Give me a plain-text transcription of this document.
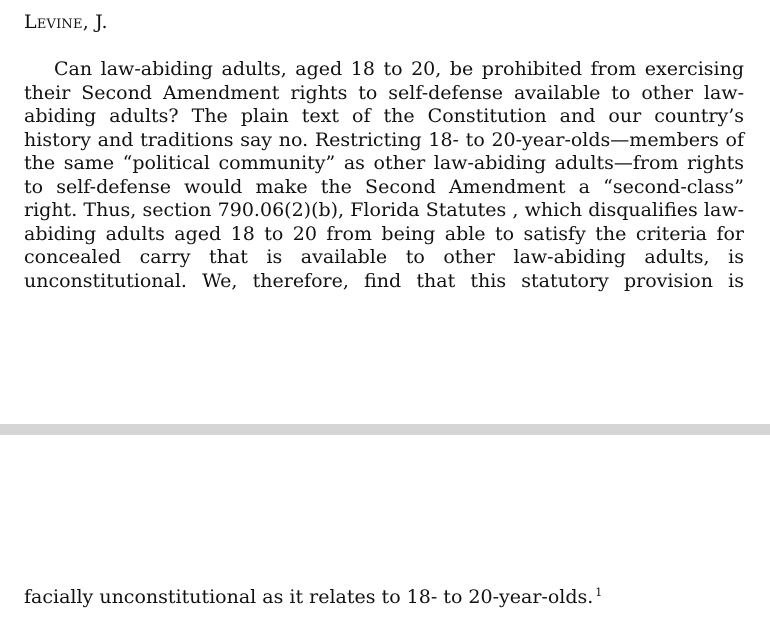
Levine, J.

Can law-abiding adults, aged 18 to 20, be prohibited from exercising their Second Amendment rights to self-defense available to other law-abiding adults? The plain text of the Constitution and our country’s history and traditions say no. Restricting 18- to 20-year-olds—members of the same “political community” as other law-abiding adults—from rights to self-defense would make the Second Amendment a “second-class” right. Thus, section 790.06(2)(b), Florida Statutes , which disqualifies law-abiding adults aged 18 to 20 from being able to satisfy the criteria for concealed carry that is available to other law-abiding adults, is unconstitutional. We, therefore, find that this statutory provision is

facially unconstitutional as it relates to 18- to 20-year-olds. $^1$
